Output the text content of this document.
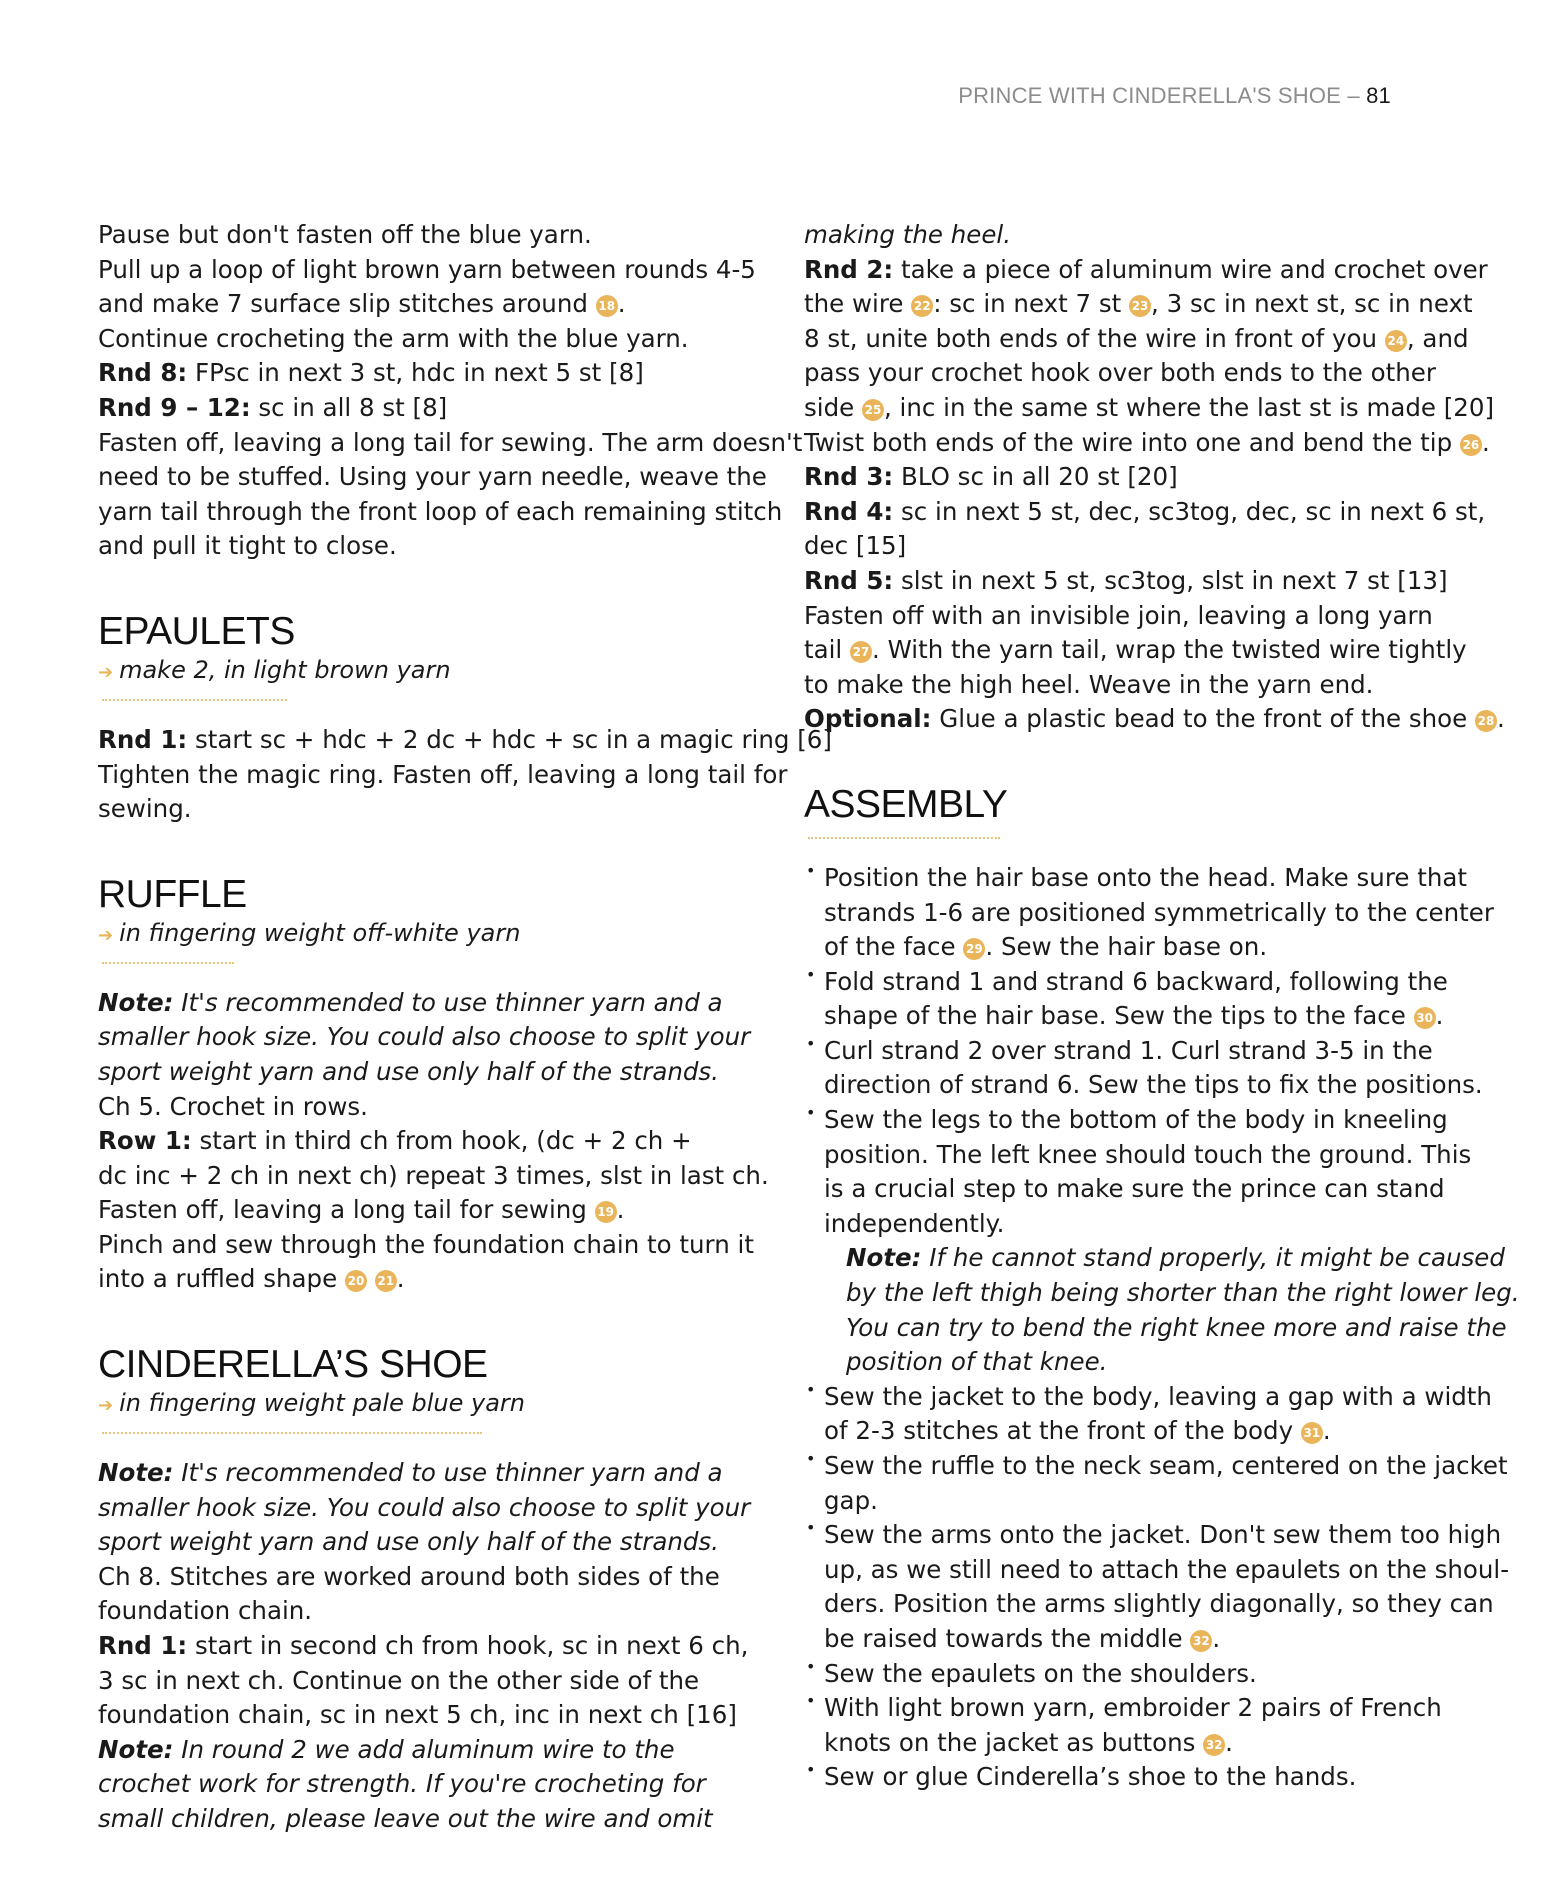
PRINCE WITH CINDERELLA'S SHOE – 81

Pause but don't fasten off the blue yarn.

Pull up a loop of light brown yarn between rounds 4-5

and make 7 surface slip stitches around 18 .

Continue crocheting the arm with the blue yarn.

Rnd 8: FPsc in next 3 st, hdc in next 5 st [8]

Rnd 9 – 12: sc in all 8 st [8]

Fasten off, leaving a long tail for sewing. The arm doesn't

need to be stuffed. Using your yarn needle, weave the

yarn tail through the front loop of each remaining stitch

and pull it tight to close.

EPAULETS

➔ make 2, in light brown yarn

Rnd 1: start sc + hdc + 2 dc + hdc + sc in a magic ring [6]

Tighten the magic ring. Fasten off, leaving a long tail for

sewing.

RUFFLE

➔ in fingering weight off-white yarn

Note: It's recommended to use thinner yarn and a

smaller hook size. You could also choose to split your

sport weight yarn and use only half of the strands.

Ch 5. Crochet in rows.

Row 1: start in third ch from hook, (dc + 2 ch +

dc inc + 2 ch in next ch) repeat 3 times, slst in last ch.

Fasten off, leaving a long tail for sewing 19 .

Pinch and sew through the foundation chain to turn it

into a ruffled shape 20 21 .

CINDERELLA’S SHOE

➔ in fingering weight pale blue yarn

Note: It's recommended to use thinner yarn and a

smaller hook size. You could also choose to split your

sport weight yarn and use only half of the strands.

Ch 8. Stitches are worked around both sides of the

foundation chain.

Rnd 1: start in second ch from hook, sc in next 6 ch,

3 sc in next ch. Continue on the other side of the

foundation chain, sc in next 5 ch, inc in next ch [16]

Note: In round 2 we add aluminum wire to the

crochet work for strength. If you're crocheting for

small children, please leave out the wire and omit

making the heel.

Rnd 2: take a piece of aluminum wire and crochet over

the wire 22 : sc in next 7 st 23 , 3 sc in next st, sc in next

8 st, unite both ends of the wire in front of you 24 , and

pass your crochet hook over both ends to the other

side 25 , inc in the same st where the last st is made [20]

Twist both ends of the wire into one and bend the tip 26 .

Rnd 3: BLO sc in all 20 st [20]

Rnd 4: sc in next 5 st, dec, sc3tog, dec, sc in next 6 st,

dec [15]

Rnd 5: slst in next 5 st, sc3tog, slst in next 7 st [13]

Fasten off with an invisible join, leaving a long yarn

tail 27 . With the yarn tail, wrap the twisted wire tightly

to make the high heel. Weave in the yarn end.

Optional: Glue a plastic bead to the front of the shoe 28 .

ASSEMBLY
• Position the hair base onto the head. Make sure that

strands 1-6 are positioned symmetrically to the center

of the face 29 . Sew the hair base on.

• Fold strand 1 and strand 6 backward, following the

shape of the hair base. Sew the tips to the face 30 .

• Curl strand 2 over strand 1. Curl strand 3-5 in the

direction of strand 6. Sew the tips to fix the positions.

• Sew the legs to the bottom of the body in kneeling

position. The left knee should touch the ground. This

is a crucial step to make sure the prince can stand

independently.

Note: If he cannot stand properly, it might be caused

by the left thigh being shorter than the right lower leg.

You can try to bend the right knee more and raise the

position of that knee.

• Sew the jacket to the body, leaving a gap with a width

of 2-3 stitches at the front of the body 31 .

• Sew the ruffle to the neck seam, centered on the jacket

gap.

• Sew the arms onto the jacket. Don't sew them too high

up, as we still need to attach the epaulets on the shoul-

ders. Position the arms slightly diagonally, so they can

be raised towards the middle 32 .

• Sew the epaulets on the shoulders.

• With light brown yarn, embroider 2 pairs of French

knots on the jacket as buttons 32 .

• Sew or glue Cinderella’s shoe to the hands.
